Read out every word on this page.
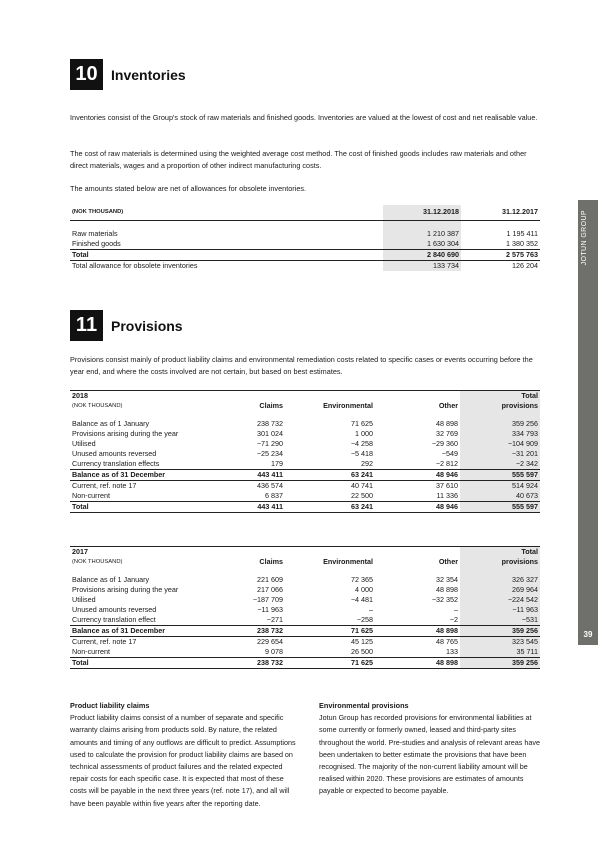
JOTUN GROUP
39
10 Inventories

Inventories consist of the Group's stock of raw materials and finished goods. Inventories are valued at the lowest of cost and net realisable value.

The cost of raw materials is determined using the weighted average cost method. The cost of finished goods includes raw materials and other direct materials, wages and a proportion of other indirect manufacturing costs.

The amounts stated below are net of allowances for obsolete inventories.

(NOK THOUSAND)	31.12.2018	31.12.2017

Raw materials	1 210 387	1 195 411
Finished goods	1 630 304	1 380 352
Total	2 840 690	2 575 763
Total allowance for obsolete inventories	133 734	126 204
11 Provisions

Provisions consist mainly of product liability claims and environmental remediation costs related to specific cases or events occurring before the year end, and where the costs involved are not certain, but based on best estimates.

2018				Total
(NOK THOUSAND)	Claims	Environmental	Other	provisions

Balance as of 1 January	238 732	71 625	48 898	359 256
Provisions arising during the year	301 024	1 000	32 769	334 793
Utilised	−71 290	−4 258	−29 360	−104 909
Unused amounts reversed	−25 234	−5 418	−549	−31 201
Currency translation effects	179	292	−2 812	−2 342
Balance as of 31 December	443 411	63 241	48 946	555 597
Current, ref. note 17	436 574	40 741	37 610	514 924
Non-current	6 837	22 500	11 336	40 673
Total	443 411	63 241	48 946	555 597
2017				Total
(NOK THOUSAND)	Claims	Environmental	Other	provisions

Balance as of 1 January	221 609	72 365	32 354	326 327
Provisions arising during the year	217 066	4 000	48 898	269 964
Utilised	−187 709	−4 481	−32 352	−224 542
Unused amounts reversed	−11 963	–	–	−11 963
Currency translation effect	−271	−258	−2	−531
Balance as of 31 December	238 732	71 625	48 898	359 256
Current, ref. note 17	229 654	45 125	48 765	323 545
Non-current	9 078	26 500	133	35 711
Total	238 732	71 625	48 898	359 256
Product liability claims

Product liability claims consist of a number of separate and specific warranty claims arising from products sold. By nature, the related amounts and timing of any outflows are difficult to predict. Assumptions used to calculate the provision for product liability claims are based on technical assessments of product failures and the related expected repair costs for each specific case. It is expected that most of these costs will be payable in the next three years (ref. note 17), and all will have been payable within five years after the reporting date.

Environmental provisions

Jotun Group has recorded provisions for environmental liabilities at some currently or formerly owned, leased and third-party sites throughout the world. Pre-studies and analysis of relevant areas have been undertaken to better estimate the provisions that have been recognised. The majority of the non-current liability amount will be realised within 2020. These provisions are estimates of amounts payable or expected to become payable.
